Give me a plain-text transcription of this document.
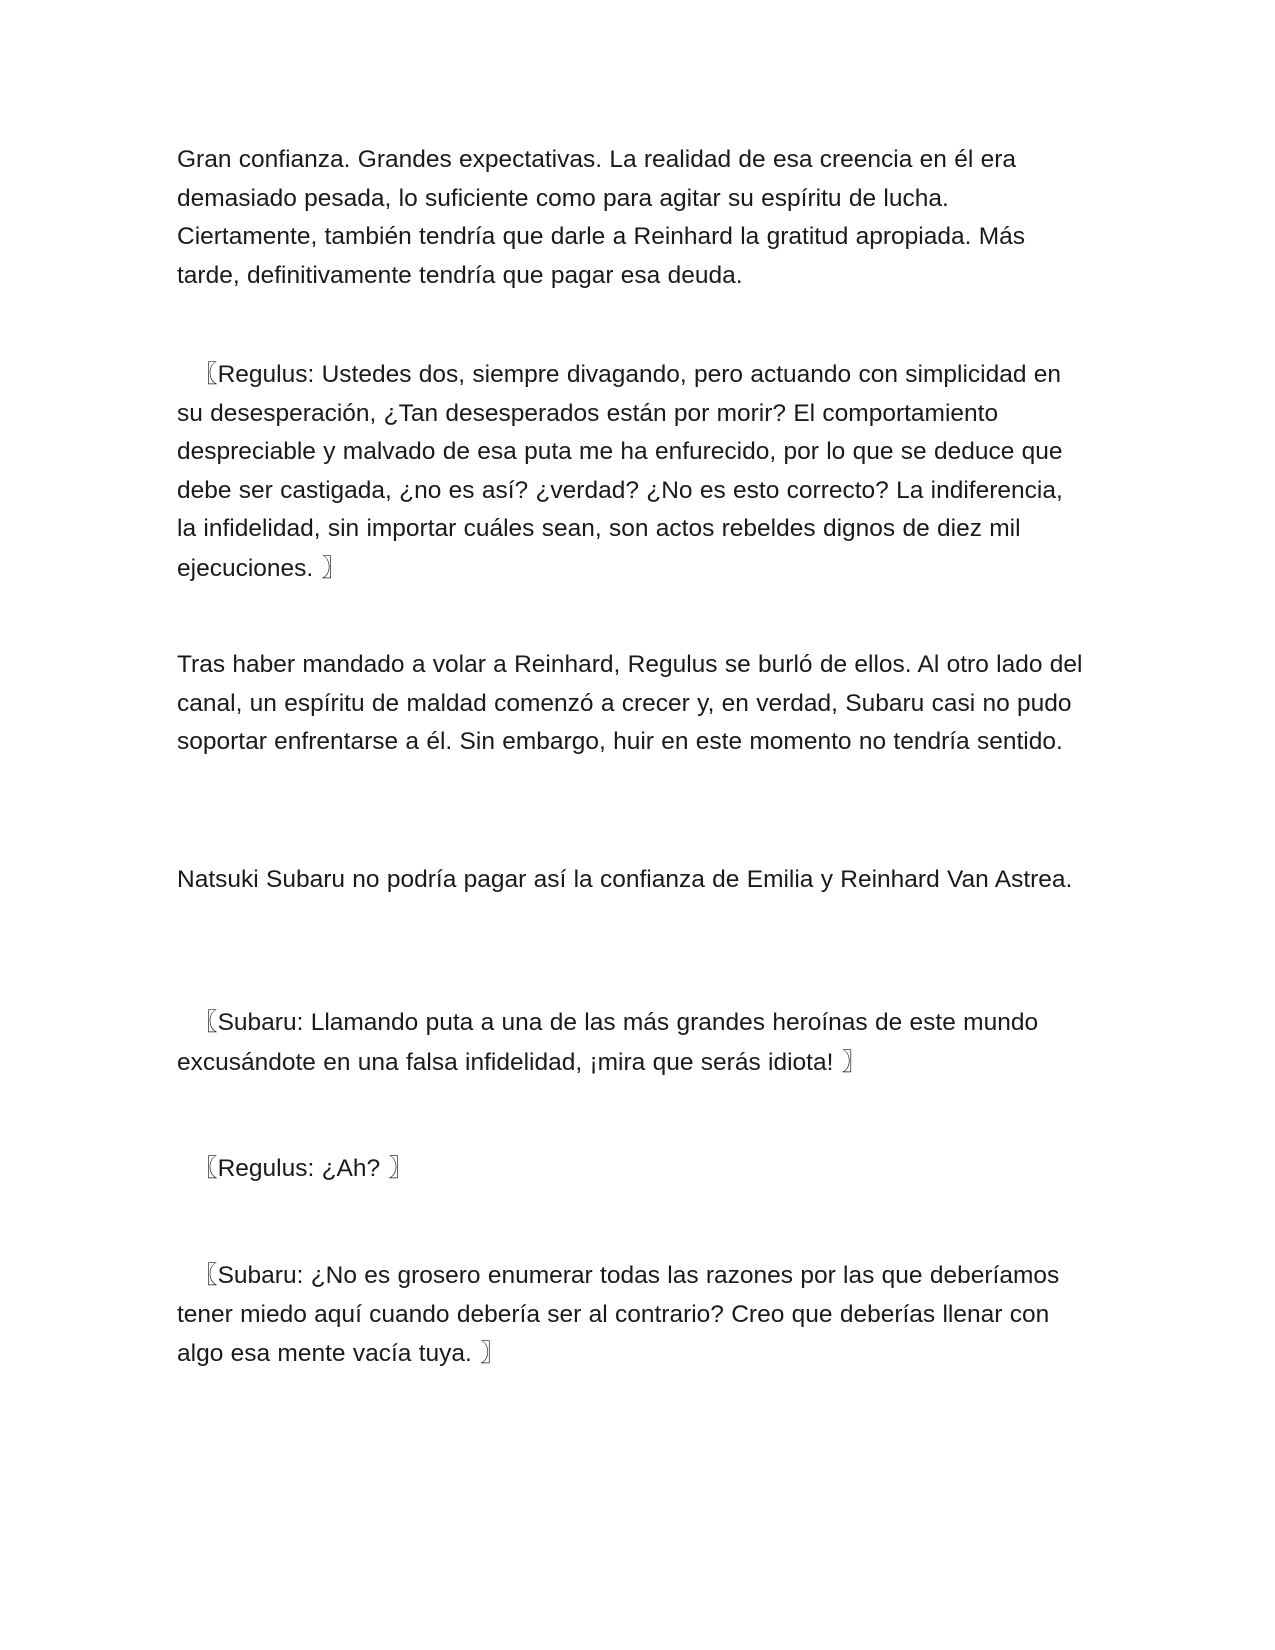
Gran confianza. Grandes expectativas. La realidad de esa creencia en él era demasiado pesada, lo suficiente como para agitar su espíritu de lucha. Ciertamente, también tendría que darle a Reinhard la gratitud apropiada. Más tarde, definitivamente tendría que pagar esa deuda.

〖Regulus: Ustedes dos, siempre divagando, pero actuando con simplicidad en su desesperación, ¿Tan desesperados están por morir? El comportamiento despreciable y malvado de esa puta me ha enfurecido, por lo que se deduce que debe ser castigada, ¿no es así? ¿verdad? ¿No es esto correcto? La indiferencia, la infidelidad, sin importar cuáles sean, son actos rebeldes dignos de diez mil ejecuciones. 〗

Tras haber mandado a volar a Reinhard, Regulus se burló de ellos. Al otro lado del canal, un espíritu de maldad comenzó a crecer y, en verdad, Subaru casi no pudo soportar enfrentarse a él. Sin embargo, huir en este momento no tendría sentido.

Natsuki Subaru no podría pagar así la confianza de Emilia y Reinhard Van Astrea.

〖Subaru: Llamando puta a una de las más grandes heroínas de este mundo excusándote en una falsa infidelidad, ¡mira que serás idiota! 〗

〖Regulus: ¿Ah? 〗

〖Subaru: ¿No es grosero enumerar todas las razones por las que deberíamos tener miedo aquí cuando debería ser al contrario? Creo que deberías llenar con algo esa mente vacía tuya. 〗
